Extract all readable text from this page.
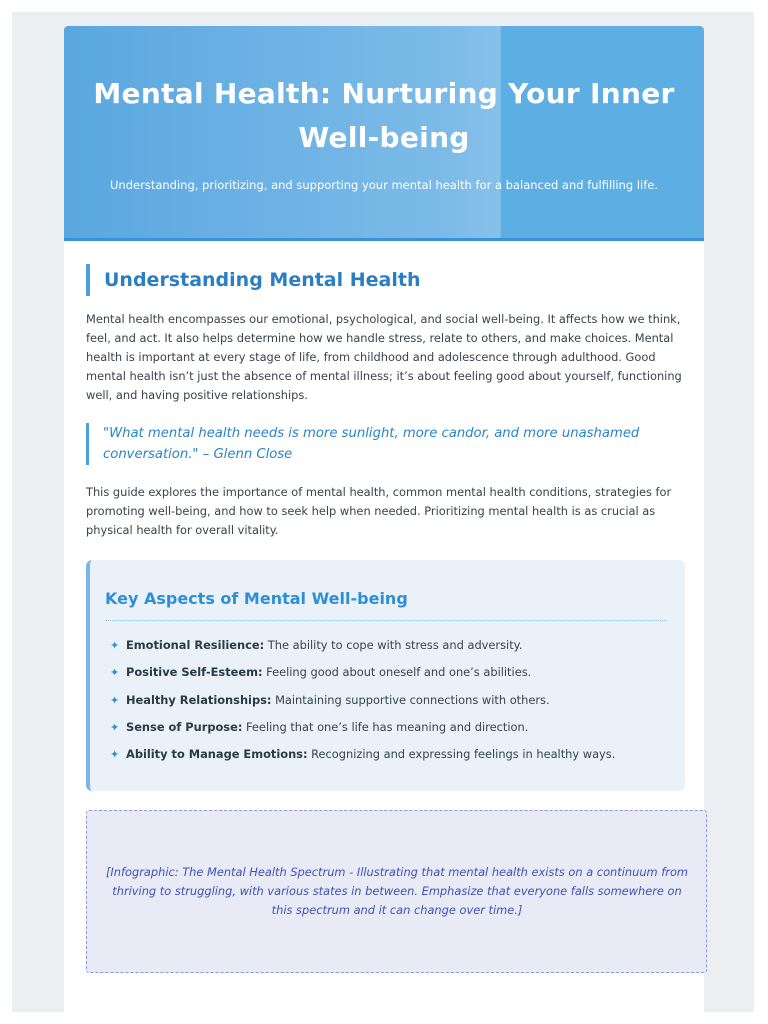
Mental Health: Nurturing Your Inner Well-being
Understanding, prioritizing, and supporting your mental health for a balanced and fulfilling life.
Understanding Mental Health

Mental health encompasses our emotional, psychological, and social well-being. It affects how we think, feel, and act. It also helps determine how we handle stress, relate to others, and make choices. Mental health is important at every stage of life, from childhood and adolescence through adulthood. Good mental health isn’t just the absence of mental illness; it’s about feeling good about yourself, functioning well, and having positive relationships.

"What mental health needs is more sunlight, more candor, and more unashamed conversation." – Glenn Close

This guide explores the importance of mental health, common mental health conditions, strategies for promoting well-being, and how to seek help when needed. Prioritizing mental health is as crucial as physical health for overall vitality.

Key Aspects of Mental Well-being
✦ Emotional Resilience: The ability to cope with stress and adversity.
✦ Positive Self-Esteem: Feeling good about oneself and one’s abilities.
✦ Healthy Relationships: Maintaining supportive connections with others.
✦ Sense of Purpose: Feeling that one’s life has meaning and direction.
✦ Ability to Manage Emotions: Recognizing and expressing feelings in healthy ways.

[Infographic: The Mental Health Spectrum - Illustrating that mental health exists on a continuum from thriving to struggling, with various states in between. Emphasize that everyone falls somewhere on this spectrum and it can change over time.]
